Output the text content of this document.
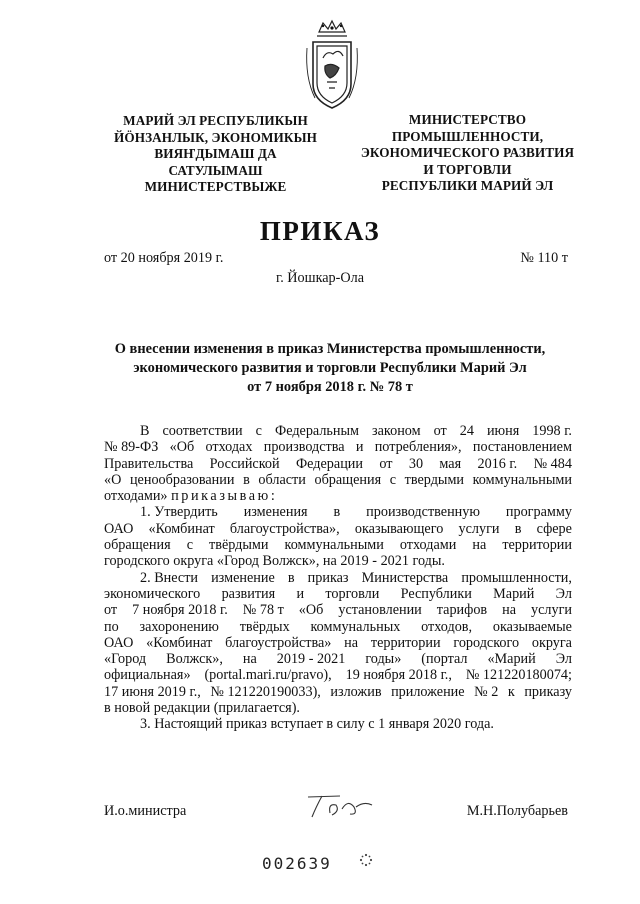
МАРИЙ ЭЛ РЕСПУБЛИКЫН
ЙӦНЗАНЛЫК, ЭКОНОМИКЫН
ВИЯҤДЫМАШ ДА
САТУЛЫМАШ
МИНИСТЕРСТВЫЖЕ
МИНИСТЕРСТВО
ПРОМЫШЛЕННОСТИ,
ЭКОНОМИЧЕСКОГО РАЗВИТИЯ
И ТОРГОВЛИ
РЕСПУБЛИКИ МАРИЙ ЭЛ
ПРИКАЗ
от 20 ноября 2019 г.	№ 110 т
г. Йошкар-Ола
О внесении изменения в приказ Министерства промышленности,
экономического развития и торговли Республики Марий Эл
от 7 ноября 2018 г. № 78 т
В соответствии с Федеральным законом от 24 июня 1998 г.
№ 89-ФЗ «Об отходах производства и потребления», постановлением
Правительства Российской Федерации от 30 мая 2016 г. № 484
«О ценообразовании в области обращения с твердыми коммунальными
отходами» приказываю:
1. Утвердить изменения в производственную программу
ОАО «Комбинат благоустройства», оказывающего услуги в сфере
обращения с твёрдыми коммунальными отходами на территории
городского округа «Город Волжск», на 2019 - 2021 годы.
2. Внести изменение в приказ Министерства промышленности,
экономического развития и торговли Республики Марий Эл
от 7 ноября 2018 г. № 78 т «Об установлении тарифов на услуги
по захоронению твёрдых коммунальных отходов, оказываемые
ОАО «Комбинат благоустройства» на территории городского округа
«Город Волжск», на 2019 - 2021 годы» (портал «Марий Эл
официальная» (portal.mari.ru/pravo), 19 ноября 2018 г., № 121220180074;
17 июня 2019 г., № 121220190033), изложив приложение № 2 к приказу
в новой редакции (прилагается).
3. Настоящий приказ вступает в силу с 1 января 2020 года.
И.о.министра	М.Н.Полубарьев
002639
